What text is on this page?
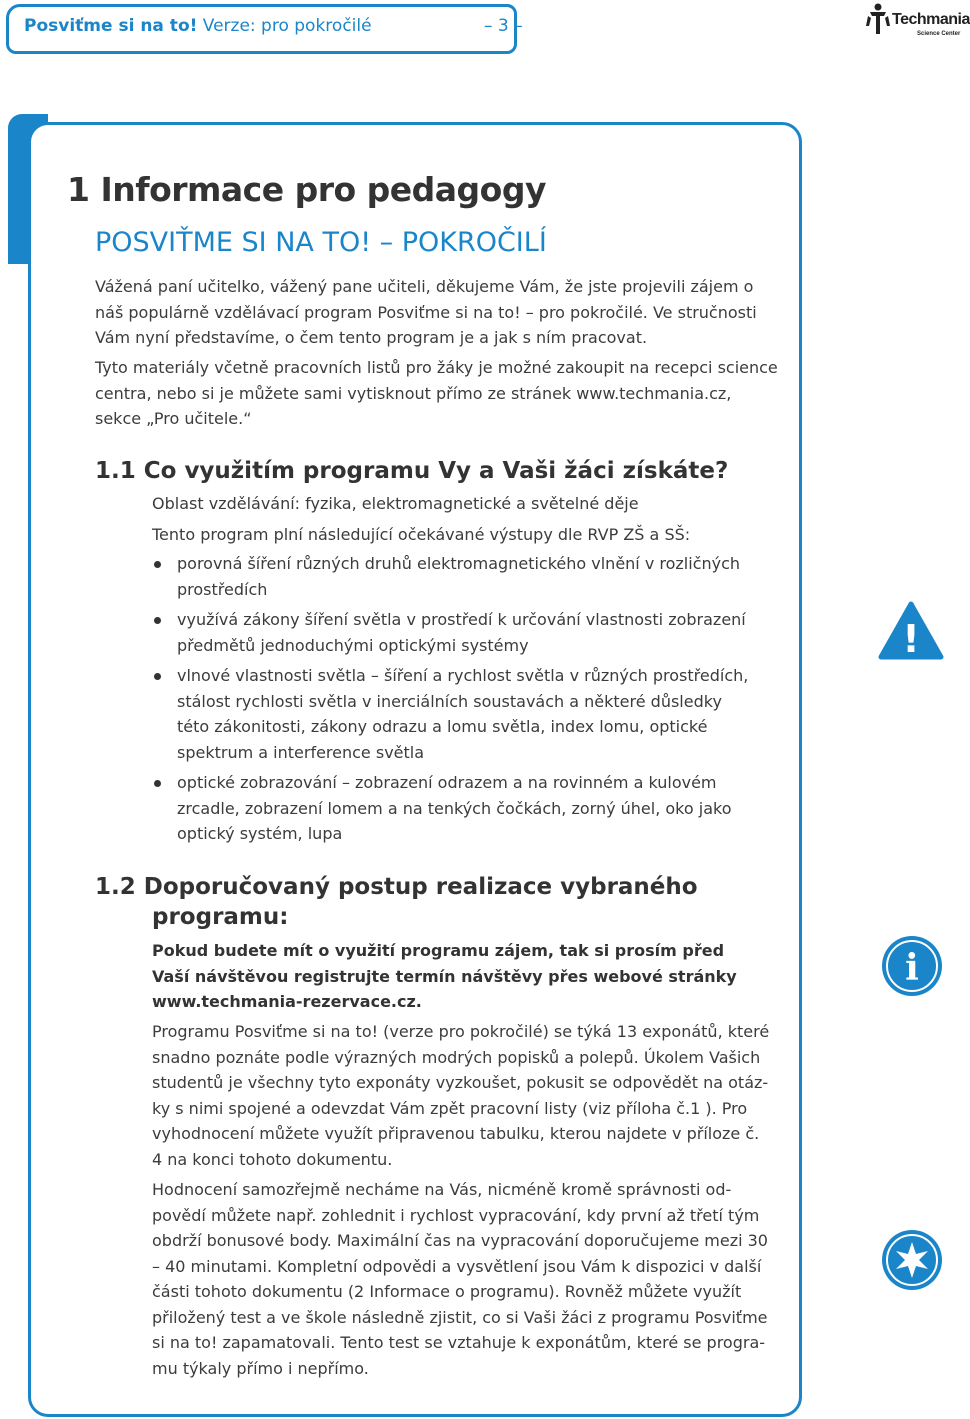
Posviťme si na to! Verze: pro pokročilé	– 3 –	Techmania
Science Center
1 Informace pro pedagogy
POSVIŤME SI NA TO! – POKROČILÍ
Vážená paní učitelko, vážený pane učiteli, děkujeme Vám, že jste projevili zájem o
náš populárně vzdělávací program Posviťme si na to! – pro pokročilé. Ve stručnosti
Vám nyní představíme, o čem tento program je a jak s ním pracovat.
Tyto materiály včetně pracovních listů pro žáky je možné zakoupit na recepci science
centra, nebo si je můžete sami vytisknout přímo ze stránek www.techmania.cz,
sekce „Pro učitele.“
1.1 Co využitím programu Vy a Vaši žáci získáte?
Oblast vzdělávání: fyzika, elektromagnetické a světelné děje
Tento program plní následující očekávané výstupy dle RVP ZŠ a SŠ:
porovná šíření různých druhů elektromagnetického vlnění v rozličných prostředích
využívá zákony šíření světla v prostředí k určování vlastnosti zobrazení předmětů jednoduchými optickými systémy
vlnové vlastnosti světla – šíření a rychlost světla v různých prostředích, stálost rychlosti světla v inerciálních soustavách a některé důsledky této zákonitosti, zákony odrazu a lomu světla, index lomu, optické spektrum a interference světla
optické zobrazování – zobrazení odrazem a na rovinném a kulovém zrcadle, zobrazení lomem a na tenkých čočkách, zorný úhel, oko jako optický systém, lupa
1.2 Doporučovaný postup realizace vybraného
programu:
Pokud budete mít o využití programu zájem, tak si prosím před
Vaší návštěvou registrujte termín návštěvy přes webové stránky
www.techmania-rezervace.cz.
Programu Posviťme si na to! (verze pro pokročilé) se týká 13 exponátů, které
snadno poznáte podle výrazných modrých popisků a polepů. Úkolem Vašich
studentů je všechny tyto exponáty vyzkoušet, pokusit se odpovědět na otáz-
ky s nimi spojené a odevzdat Vám zpět pracovní listy (viz příloha č.1 ). Pro
vyhodnocení můžete využít připravenou tabulku, kterou najdete v příloze č.
4 na konci tohoto dokumentu.
Hodnocení samozřejmě necháme na Vás, nicméně kromě správnosti od-
povědí můžete např. zohlednit i rychlost vypracování, kdy první až třetí tým
obdrží bonusové body. Maximální čas na vypracování doporučujeme mezi 30
– 40 minutami. Kompletní odpovědi a vysvětlení jsou Vám k dispozici v další
části tohoto dokumentu (2 Informace o programu). Rovněž můžete využít
přiložený test a ve škole následně zjistit, co si Vaši žáci z programu Posviťme
si na to! zapamatovali. Tento test se vztahuje k exponátům, které se progra-
mu týkaly přímo i nepřímo.
!
i
